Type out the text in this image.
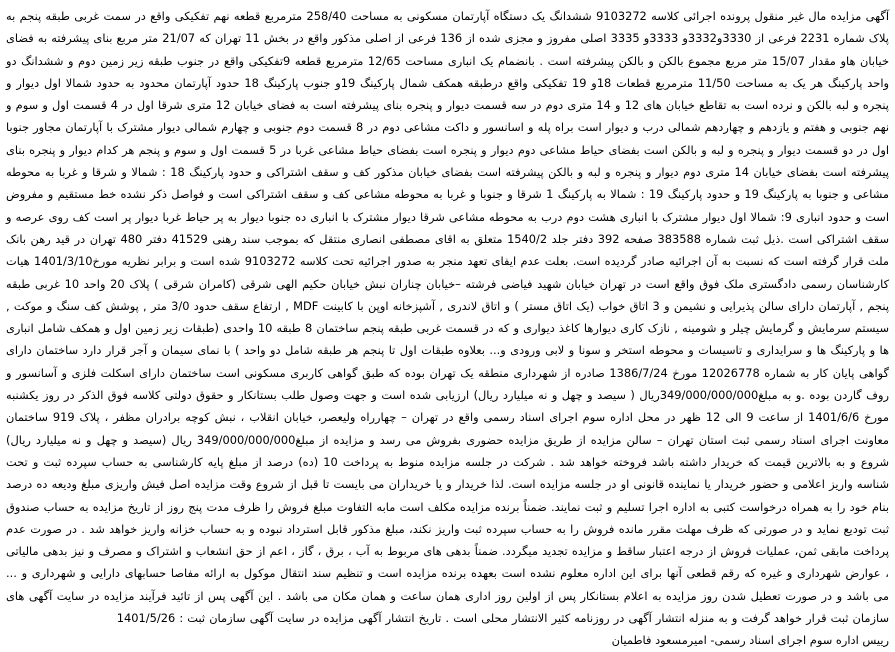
آگهی مزایده مال غیر منقول پرونده اجرائی کلاسه 9103272 ششدانگ یک دستگاه آپارتمان مسکونی به مساحت 258/40 مترمربع قطعه نهم تفکیکی واقع در سمت غربی طبقه پنجم به پلاک شماره 2231 فرعی از 3330و3332و 3333و 3335 اصلی مفروز و مجزی شده از 136 فرعی از اصلی مذکور واقع در بخش 11 تهران که 21/07 متر مربع بنای پیشرفته به فضای خیابان هاو مقدار 15/07 متر مربع مجموع بالکن و بالکن پیشرفته است . بانضمام یک انباری مساحت 12/65 مترمربع قطعه 9تفکیکی واقع در جنوب طبقه زیر زمین دوم و ششدانگ دو واحد پارکینگ هر یک به مساحت 11/50 مترمربع قطعات 18و 19 تفکیکی واقع درطبقه همکف شمال پارکینگ 19و جنوب پارکینگ 18 حدود آپارتمان محدود به حدود شمالا اول دیوار و پنجره و لبه بالکن و نرده است به تقاطع خیابان های 12 و 14 متری دوم در سه قسمت دیوار و پنجره بنای پیشرفته است به فضای خیابان 12 متری شرقا اول در 4 قسمت اول و سوم و نهم جنوبی و هفتم و یازدهم و چهاردهم شمالی درب و دیوار است براه پله و اسانسور و داکت مشاعی دوم در 8 قسمت دوم جنوبی و چهارم شمالی دیوار مشترک با آپارتمان مجاور جنوبا اول در دو قسمت دیوار و پنجره و لبه و بالکن است بفضای حیاط مشاعی دوم دیوار و پنجره است بفضای حیاط مشاعی غربا در 5 قسمت اول و سوم و پنجم هر کدام دیوار و پنجره بنای پیشرفته است بفضای خیابان 14 متری دوم دیوار و پنجره و لبه و بالکن پیشرفته است بفضای خیابان مذکور کف و سقف اشتراکی و حدود پارکینگ 18 : شمالا و شرقا و غربا به محوطه مشاعی و جنوبا به پارکینگ 19 و حدود پارکینگ 19 : شمالا به پارکینگ 1 شرقا و جنوبا و غربا به محوطه مشاعی کف و سقف اشتراکی است و فواصل ذکر نشده خط مستقیم و مفروض است و حدود انباری 9: شمالا اول دیوار مشترک با انباری هشت دوم درب به محوطه مشاعی شرقا دیوار مشترک با انباری ده جنوبا دیوار به پر حیاط غربا دیوار پر است کف روی عرصه و سقف اشتراکی است .ذیل ثبت شماره 383588 صفحه 392 دفتر جلد 1540/2 متعلق به اقای مصطفی انصاری منتقل که بموجب سند رهنی 41529 دفتر 480 تهران در قید رهن بانک ملت قرار گرفته است که نسبت به آن اجرائیه صادر گردیده است. بعلت عدم ایفای تعهد منجر به صدور اجرائیه تحت کلاسه 9103272 شده است و برابر نظریه مورخ1401/3/10 هیات کارشناسان رسمی دادگستری ملک فوق واقع است در تهران خیابان شهید فیاضی فرشته –خیابان چناران نبش خیابان حکیم الهی شرقی (کامران شرقی ) پلاک 20 واحد 10 غربی طبقه پنجم , آپارتمان دارای سالن پذیرایی و نشیمن و 3 اتاق خواب (یک اتاق مستر ) و اتاق لاندری , آشپزخانه اوپن با کابینت MDF , ارتفاع سقف حدود 3/0 متر , پوشش کف سنگ و موکت , سیستم سرمایش و گرمایش چیلر و شومینه , نازک کاری دیوارها کاغذ دیواری و که در قسمت غربی طبقه پنجم ساختمان 8 طبقه 10 واحدی (طبقات زیر زمین اول و همکف شامل انباری ها و پارکینگ ها و سرایداری و تاسیسات و محوطه استخر و سونا و لابی ورودی و... بعلاوه طبقات اول تا پنجم هر طبقه شامل دو واحد ) با نمای سیمان و آجر قرار دارد ساختمان دارای گواهی پایان کار به شماره 12026778 مورخ 1386/7/24 صادره از شهرداری منطقه یک تهران بوده که طبق گواهی کاربری مسکونی است ساختمان دارای اسکلت فلزی و آسانسور و روف گاردن بوده .و به مبلغ349/000/000/000ریال ( سیصد و چهل و نه میلیارد ریال) ارزیابی شده است و جهت وصول طلب بستانکار و حقوق دولتی کلاسه فوق الذکر در روز یکشنبه مورخ 1401/6/6 از ساعت 9 الی 12 ظهر در محل اداره سوم اجرای اسناد رسمی واقع در تهران – چهارراه ولیعصر، خیابان انقلاب ، نبش کوچه برادران مظفر ، پلاک 919 ساختمان معاونت اجرای اسناد رسمی ثبت استان تهران – سالن مزایده از طریق مزایده حضوری بفروش می رسد و مزایده از مبلغ349/000/000/000 ریال (سیصد و چهل و نه میلیارد ریال) شروع و به بالاترین قیمت که خریدار داشته باشد فروخته خواهد شد . شرکت در جلسه مزایده منوط به پرداخت 10 (ده) درصد از مبلغ پایه کارشناسی به حساب سپرده ثبت و تحت شناسه واریز اعلامی و حضور خریدار یا نماینده قانونی او در جلسه مزایده است. لذا خریدار و یا خریداران می بایست تا قبل از شروع وقت مزایده اصل فیش واریزی مبلغ ودیعه ده درصد بنام خود را به همراه درخواست کتبی به اداره اجرا تسلیم و ثبت نمایند. ضمناً برنده مزایده مکلف است مابه التفاوت مبلغ فروش را ظرف مدت پنج روز از تاریخ مزایده به حساب صندوق ثبت تودیع نماید و در صورتی که ظرف مهلت مقرر مانده فروش را به حساب سپرده ثبت واریز نکند، مبلغ مذکور قابل استرداد نبوده و به حساب خزانه واریز خواهد شد . در صورت عدم پرداخت مابقی ثمن، عملیات فروش از درجه اعتبار ساقط و مزایده تجدید میگردد. ضمناً بدهی های مربوط به آب ، برق ، گاز ، اعم از حق انشعاب و اشتراک و مصرف و نیز بدهی مالیاتی ، عوارض شهرداری و غیره که رقم قطعی آنها برای این اداره معلوم نشده است بعهده برنده مزایده است و تنظیم سند انتقال موکول به ارائه مفاصا حسابهای دارایی و شهرداری و ... می باشد و در صورت تعطیل شدن روز مزایده به اعلام بستانکار پس از اولین روز اداری همان ساعت و همان مکان می باشد . این آگهی پس از تائید فرآیند مزایده در سایت آگهی های سازمان ثبت قرار خواهد گرفت و به منزله انتشار آگهی در روزنامه کثیر الانتشار محلی است . تاریخ انتشار آگهی مزایده در سایت آگهی سازمان ثبت : 1401/5/26

رییس اداره سوم اجرای اسناد رسمی- امیرمسعود فاطمیان
